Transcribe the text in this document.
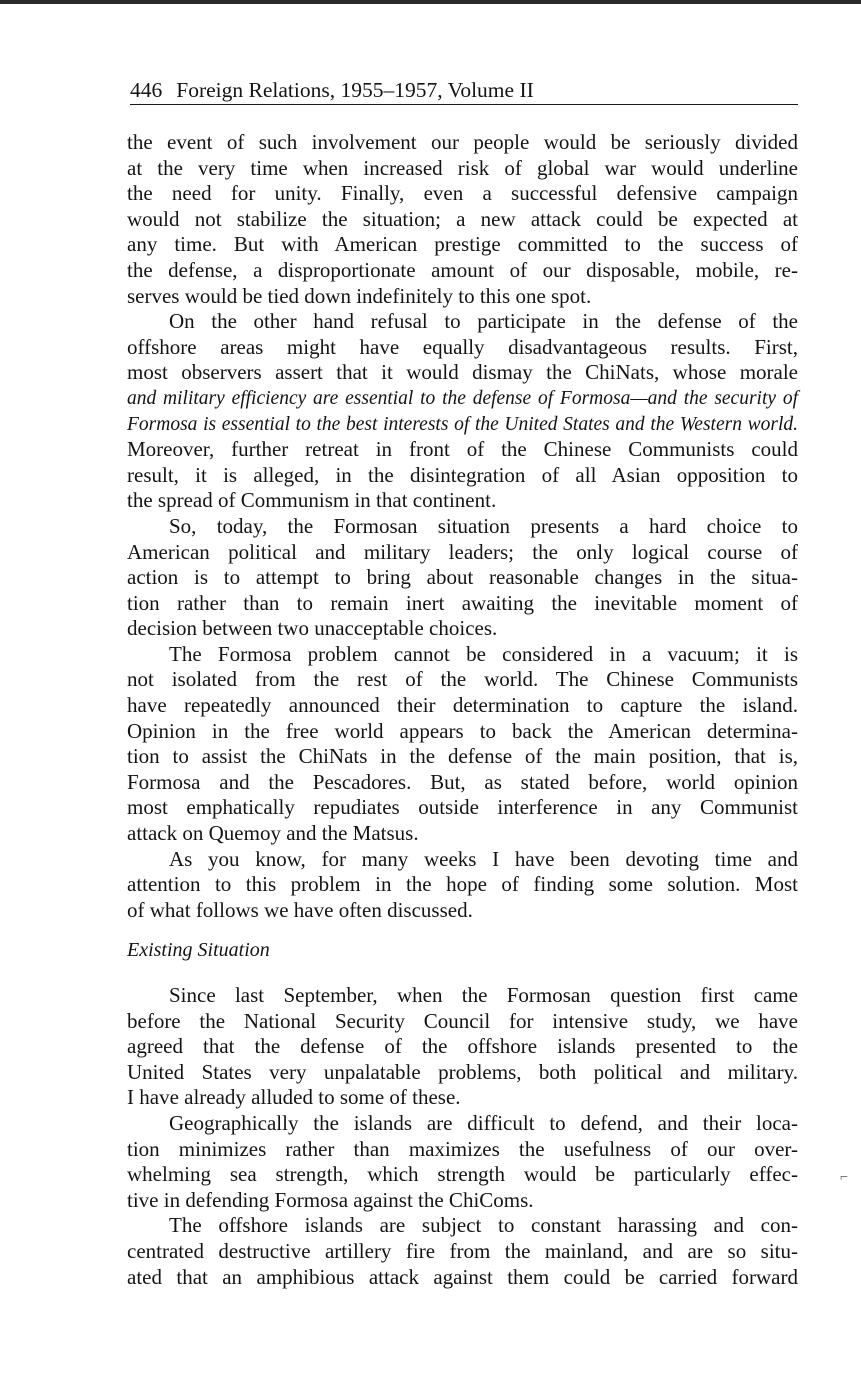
446 Foreign Relations, 1955–1957, Volume II
the event of such involvement our people would be seriously divided
at the very time when increased risk of global war would underline
the need for unity. Finally, even a successful defensive campaign
would not stabilize the situation; a new attack could be expected at
any time. But with American prestige committed to the success of
the defense, a disproportionate amount of our disposable, mobile, re-
serves would be tied down indefinitely to this one spot.
On the other hand refusal to participate in the defense of the
offshore areas might have equally disadvantageous results. First,
most observers assert that it would dismay the ChiNats, whose morale
and military efficiency are essential to the defense of Formosa—and the security of
Formosa is essential to the best interests of the United States and the Western world.
Moreover, further retreat in front of the Chinese Communists could
result, it is alleged, in the disintegration of all Asian opposition to
the spread of Communism in that continent.
So, today, the Formosan situation presents a hard choice to
American political and military leaders; the only logical course of
action is to attempt to bring about reasonable changes in the situa-
tion rather than to remain inert awaiting the inevitable moment of
decision between two unacceptable choices.
The Formosa problem cannot be considered in a vacuum; it is
not isolated from the rest of the world. The Chinese Communists
have repeatedly announced their determination to capture the island.
Opinion in the free world appears to back the American determina-
tion to assist the ChiNats in the defense of the main position, that is,
Formosa and the Pescadores. But, as stated before, world opinion
most emphatically repudiates outside interference in any Communist
attack on Quemoy and the Matsus.
As you know, for many weeks I have been devoting time and
attention to this problem in the hope of finding some solution. Most
of what follows we have often discussed.
Existing Situation
Since last September, when the Formosan question first came
before the National Security Council for intensive study, we have
agreed that the defense of the offshore islands presented to the
United States very unpalatable problems, both political and military.
I have already alluded to some of these.
Geographically the islands are difficult to defend, and their loca-
tion minimizes rather than maximizes the usefulness of our over-
whelming sea strength, which strength would be particularly effec-
tive in defending Formosa against the ChiComs.
The offshore islands are subject to constant harassing and con-
centrated destructive artillery fire from the mainland, and are so situ-
ated that an amphibious attack against them could be carried forward
⌐
